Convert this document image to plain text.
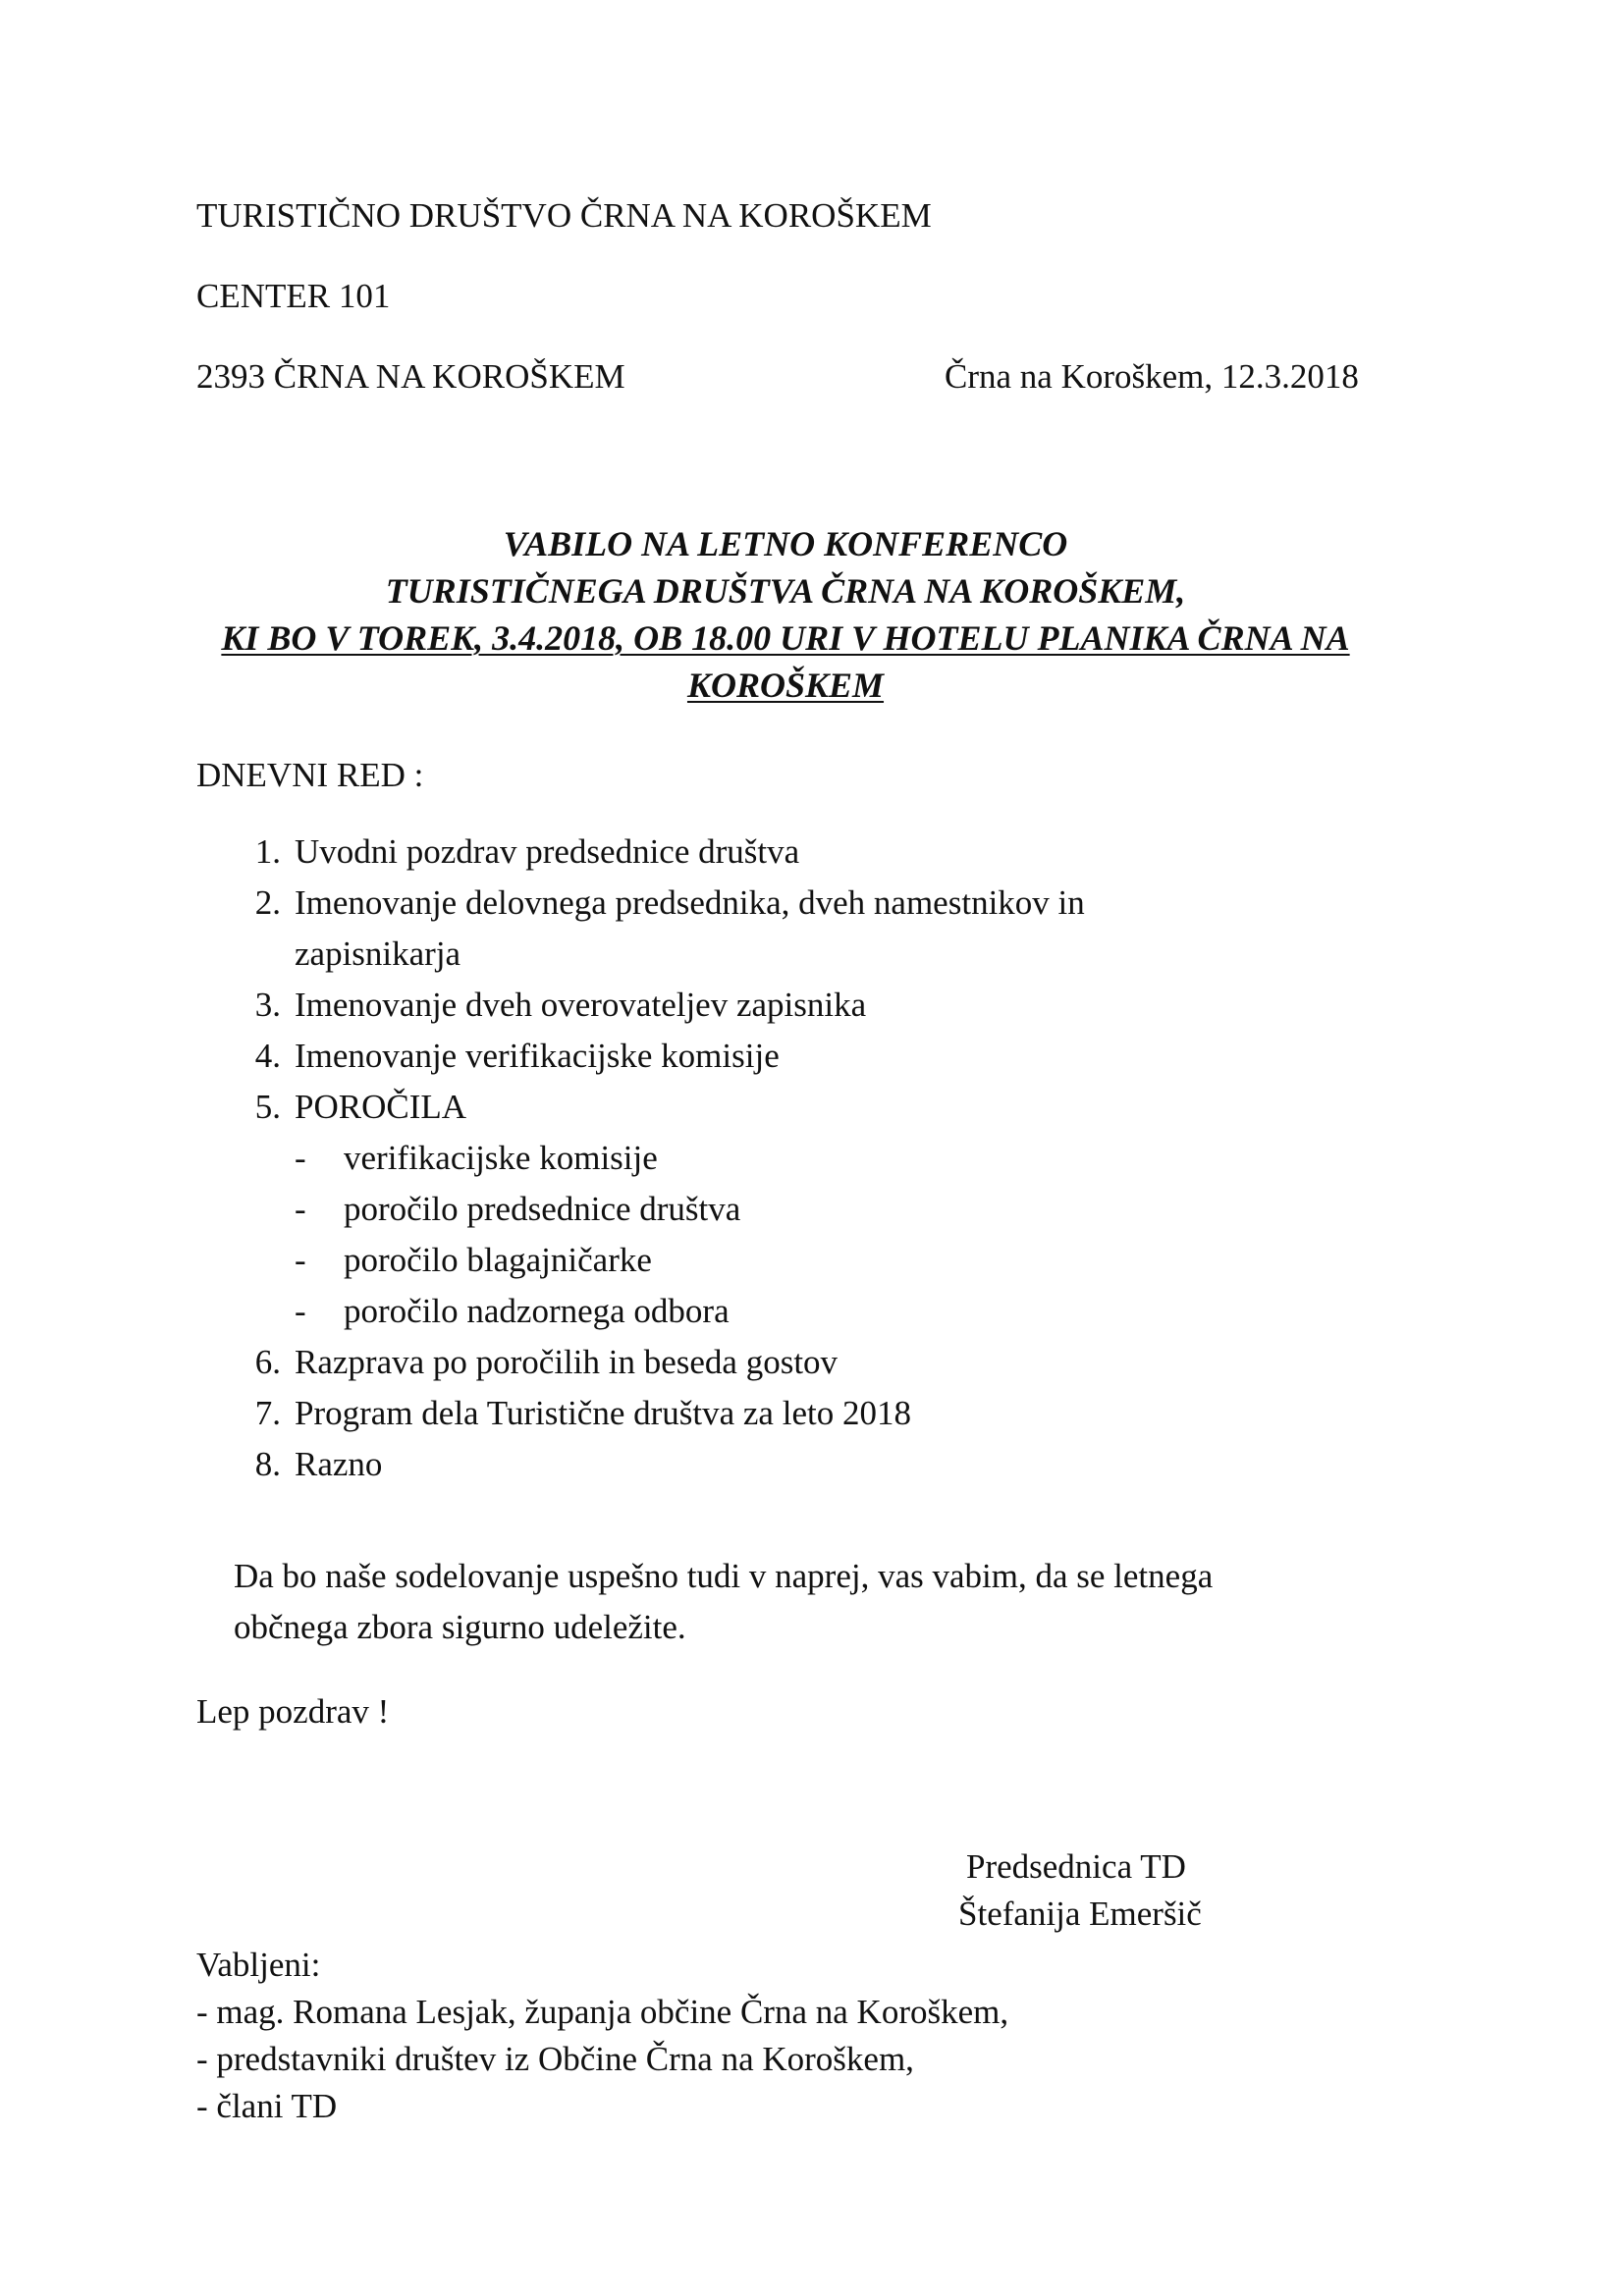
TURISTIČNO DRUŠTVO ČRNA NA KOROŠKEM
CENTER 101
2393 ČRNA NA KOROŠKEM	Črna na Koroškem, 12.3.2018
VABILO NA LETNO KONFERENCO
TURISTIČNEGA DRUŠTVA ČRNA NA KOROŠKEM,
KI BO V TOREK, 3.4.2018, OB 18.00 URI V HOTELU PLANIKA ČRNA NA
KOROŠKEM
DNEVNI RED :
1. Uvodni pozdrav predsednice društva
2. Imenovanje delovnega predsednika, dveh namestnikov in
zapisnikarja
3. Imenovanje dveh overovateljev zapisnika
4. Imenovanje verifikacijske komisije
5. POROČILA
- verifikacijske komisije
- poročilo predsednice društva
- poročilo blagajničarke
- poročilo nadzornega odbora
6. Razprava po poročilih in beseda gostov
7. Program dela Turistične društva za leto 2018
8. Razno
Da bo naše sodelovanje uspešno tudi v naprej, vas vabim, da se letnega
občnega zbora sigurno udeležite.
Lep pozdrav !
Predsednica TD
Štefanija Emeršič
Vabljeni:
- mag. Romana Lesjak, županja občine Črna na Koroškem,
- predstavniki društev iz Občine Črna na Koroškem,
- člani TD
